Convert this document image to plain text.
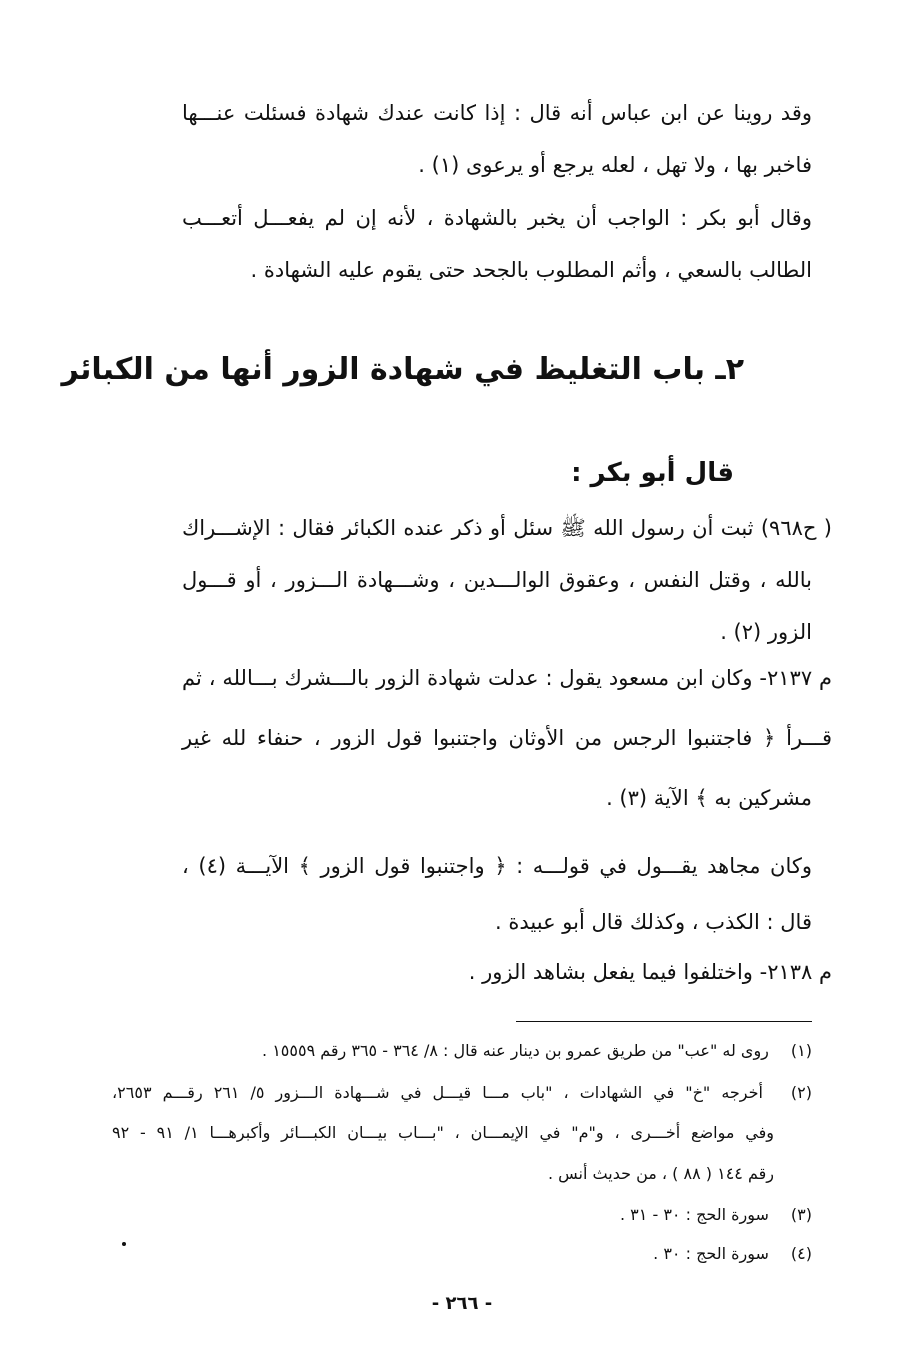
وقد روينا عن ابن عباس أنه قال : إذا كانت عندك شهادة فسئلت عنـــها
فاخبر بها ، ولا تهل ، لعله يرجع أو يرعوى (١) .
وقال أبو بكر : الواجب أن يخبر بالشهادة ، لأنه إن لم يفعـــل أتعـــب
الطالب بالسعي ، وأثم المطلوب بالجحد حتى يقوم عليه الشهادة .
٢ـ باب التغليظ في شهادة الزور أنها من الكبائر
قال أبو بكر :
( ح٩٦٨) ثبت أن رسول الله ﷺ سئل أو ذكر عنده الكبائر فقال : الإشـــراك
بالله ، وقتل النفس ، وعقوق الوالـــدين ، وشـــهادة الـــزور ، أو قـــول
الزور (٢) .
م ٢١٣٧- وكان ابن مسعود يقول : عدلت شهادة الزور بالـــشرك بـــالله ، ثم
قـــرأ ﴿ فاجتنبوا الرجس من الأوثان واجتنبوا قول الزور ، حنفاء لله غير
مشركين به ﴾ الآية (٣) .
وكان مجاهد يقـــول في قولـــه : ﴿ واجتنبوا قول الزور ﴾ الآيـــة (٤) ،
قال : الكذب ، وكذلك قال أبو عبيدة .
م ٢١٣٨- واختلفوا فيما يفعل بشاهد الزور .
(١) روى له "عب" من طريق عمرو بن دينار عنه قال : ٨/ ٣٦٤ - ٣٦٥ رقم ١٥٥٥٩ .
(٢) أخرجه "خ" في الشهادات ، "باب مـــا قيـــل في شـــهادة الـــزور ٥/ ٢٦١ رقـــم ٢٦٥٣،
وفي مواضع أخـــرى ، و"م" في الإيمـــان ، "بـــاب بيـــان الكبـــائر وأكبرهـــا ١/ ٩١ - ٩٢
رقم ١٤٤ ( ٨٨ ) ، من حديث أنس .
(٣) سورة الحج : ٣٠ - ٣١ .
(٤) سورة الحج : ٣٠ .
- ٢٦٦ -
